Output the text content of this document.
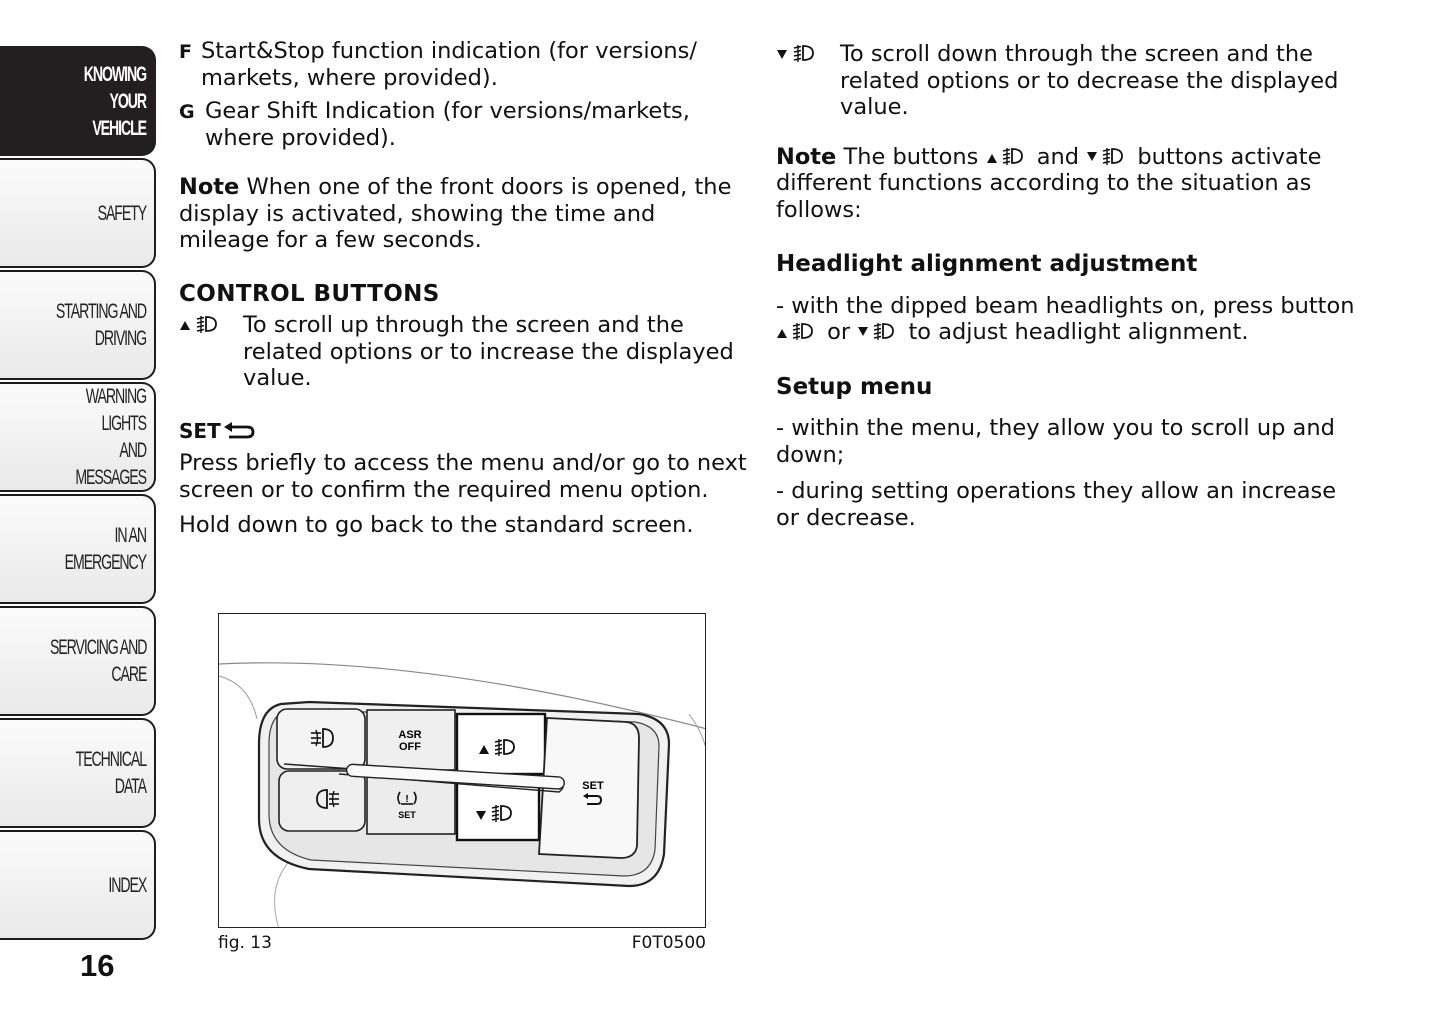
KNOWING YOUR
VEHICLE
SAFETY
STARTING AND
DRIVING
WARNING LIGHTS
AND MESSAGES
IN AN EMERGENCY
SERVICING AND
CARE
TECHNICAL DATA
INDEX
16
F Start&Stop function indication (for versions/ markets, where provided).

G Gear Shift Indication (for versions/markets, where provided).

Note When one of the front doors is opened, the display is activated, showing the time and mileage for a few seconds.

CONTROL BUTTONS

To scroll up through the screen and the related options or to increase the displayed value.

SET

Press briefly to access the menu and/or go to next screen or to confirm the required menu option.

Hold down to go back to the standard screen.

ASR
OFF
!
SET
SET
fig. 13	F0T0500

To scroll down through the screen and the related options or to decrease the displayed value.

Note The buttons  and  buttons activate different functions according to the situation as follows:

Headlight alignment adjustment

- with the dipped beam headlights on, press button  or  to adjust headlight alignment.

Setup menu

- within the menu, they allow you to scroll up and down;

- during setting operations they allow an increase or decrease.
